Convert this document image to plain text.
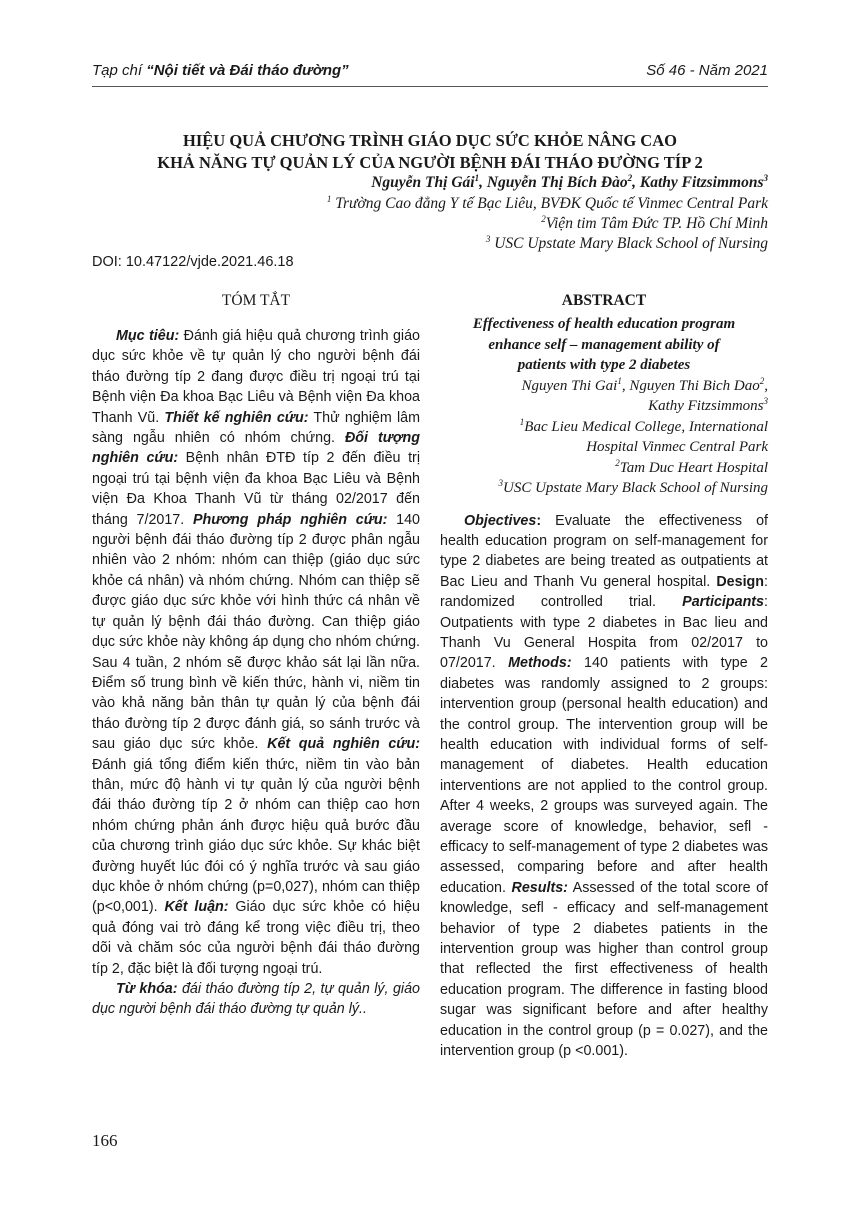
Tạp chí “Nội tiết và Đái tháo đường”	Số 46 - Năm 2021
HIỆU QUẢ CHƯƠNG TRÌNH GIÁO DỤC SỨC KHỎE NÂNG CAO
KHẢ NĂNG TỰ QUẢN LÝ CỦA NGƯỜI BỆNH ĐÁI THÁO ĐƯỜNG TÍP 2
Nguyễn Thị Gái$^1$, Nguyễn Thị Bích Đào$^2$, Kathy Fitzsimmons$^3$
$^1$ Trường Cao đẳng Y tế Bạc Liêu, BVĐK Quốc tế Vinmec Central Park
$^2$Viện tim Tâm Đức TP. Hồ Chí Minh
$^3$ USC Upstate Mary Black School of Nursing
DOI: 10.47122/vjde.2021.46.18
TÓM TẮT
Mục tiêu: Đánh giá hiệu quả chương trình giáo dục sức khỏe về tự quản lý cho người bệnh đái tháo đường típ 2 đang được điều trị ngoại trú tại Bệnh viện Đa khoa Bạc Liêu và Bệnh viện Đa khoa Thanh Vũ. Thiết kế nghiên cứu: Thử nghiệm lâm sàng ngẫu nhiên có nhóm chứng. Đối tượng nghiên cứu: Bệnh nhân ĐTĐ típ 2 đến điều trị ngoại trú tại bệnh viện đa khoa Bạc Liêu và Bệnh viện Đa Khoa Thanh Vũ từ tháng 02/2017 đến tháng 7/2017. Phương pháp nghiên cứu: 140 người bệnh đái tháo đường típ 2 được phân ngẫu nhiên vào 2 nhóm: nhóm can thiệp (giáo dục sức khỏe cá nhân) và nhóm chứng. Nhóm can thiệp sẽ được giáo dục sức khỏe với hình thức cá nhân về tự quản lý bệnh đái tháo đường. Can thiệp giáo dục sức khỏe này không áp dụng cho nhóm chứng. Sau 4 tuần, 2 nhóm sẽ được khảo sát lại lần nữa. Điểm số trung bình về kiến thức, hành vi, niềm tin vào khả năng bản thân tự quản lý của bệnh đái tháo đường típ 2 được đánh giá, so sánh trước và sau giáo dục sức khỏe. Kết quả nghiên cứu: Đánh giá tổng điểm kiến thức, niềm tin vào bản thân, mức độ hành vi tự quản lý của người bệnh đái tháo đường típ 2 ở nhóm can thiệp cao hơn nhóm chứng phản ánh được hiệu quả bước đầu của chương trình giáo dục sức khỏe. Sự khác biệt đường huyết lúc đói có ý nghĩa trước và sau giáo dục khỏe ở nhóm chứng (p=0,027), nhóm can thiệp (p<0,001). Kết luận: Giáo dục sức khỏe có hiệu quả đóng vai trò đáng kể trong việc điều trị, theo dõi và chăm sóc của người bệnh đái tháo đường típ 2, đặc biệt là đối tượng ngoại trú.
Từ khóa: đái tháo đường típ 2, tự quản lý, giáo dục người bệnh đái tháo đường tự quản lý..
ABSTRACT
Effectiveness of health education program
enhance self – management ability of
patients with type 2 diabetes
Nguyen Thi Gai$^1$, Nguyen Thi Bich Dao$^2$,
Kathy Fitzsimmons$^3$
$^1$Bac Lieu Medical College, International
Hospital Vinmec Central Park
$^2$Tam Duc Heart Hospital
$^3$USC Upstate Mary Black School of Nursing
Objectives: Evaluate the effectiveness of health education program on self-management for type 2 diabetes are being treated as outpatients at Bac Lieu and Thanh Vu general hospital. Design: randomized controlled trial. Participants: Outpatients with type 2 diabetes in Bac lieu and Thanh Vu General Hospita from 02/2017 to 07/2017. Methods: 140 patients with type 2 diabetes was randomly assigned to 2 groups: intervention group (personal health education) and the control group. The intervention group will be health education with individual forms of self-management of diabetes. Health education interventions are not applied to the control group. After 4 weeks, 2 groups was surveyed again. The average score of knowledge, behavior, sefl - efficacy to self-management of type 2 diabetes was assessed, comparing before and after health education. Results: Assessed of the total score of knowledge, sefl - efficacy and self-management behavior of type 2 diabetes patients in the intervention group was higher than control group that reflected the first effectiveness of health education program. The difference in fasting blood sugar was significant before and after healthy education in the control group (p = 0.027), and the intervention group (p <0.001).
166
